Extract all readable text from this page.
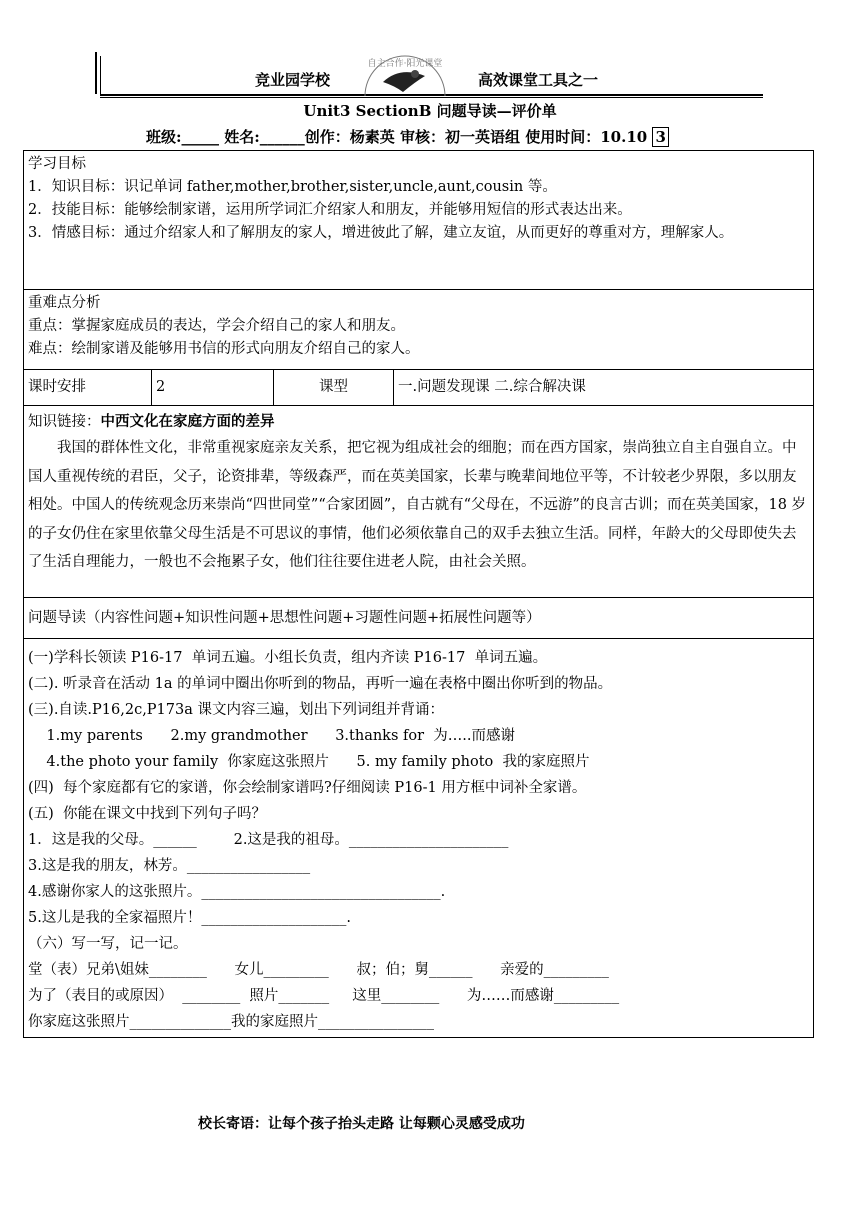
竞业园学校
自主合作·阳光课堂
高效课堂工具之一
Unit3 SectionB 问题导读—评价单
班级:_____ 姓名:______创作：杨素英 审核：初一英语组 使用时间：10.10 3

学习目标

1．知识目标：识记单词 father,mother,brother,sister,uncle,aunt,cousin 等。

2．技能目标：能够绘制家谱，运用所学词汇介绍家人和朋友，并能够用短信的形式表达出来。

3．情感目标：通过介绍家人和了解朋友的家人，增进彼此了解，建立友谊，从而更好的尊重对方，理解家人。

重难点分析

重点：掌握家庭成员的表达，学会介绍自己的家人和朋友。

难点：绘制家谱及能够用书信的形式向朋友介绍自己的家人。

课时安排	2	课型	一.问题发现课 二.综合解决课

知识链接：中西文化在家庭方面的差异

我国的群体性文化，非常重视家庭亲友关系，把它视为组成社会的细胞；而在西方国家，崇尚独立自主自强自立。中国人重视传统的君臣，父子，论资排辈，等级森严，而在英美国家，长辈与晚辈间地位平等，不计较老少界限，多以朋友相处。中国人的传统观念历来崇尚“四世同堂”“合家团圆”，自古就有“父母在，不远游”的良言古训；而在英美国家，18 岁的子女仍住在家里依靠父母生活是不可思议的事情，他们必须依靠自己的双手去独立生活。同样，年龄大的父母即使失去了生活自理能力，一般也不会拖累子女，他们往往要住进老人院，由社会关照。

问题导读（内容性问题+知识性问题+思想性问题+习题性问题+拓展性问题等）

(一)学科长领读 P16-17  单词五遍。小组长负责，组内齐读 P16-17  单词五遍。

(二). 听录音在活动 1a 的单词中圈出你听到的物品，再听一遍在表格中圈出你听到的物品。

(三).自读.P16,2c,P173a 课文内容三遍，划出下列词组并背诵：

1.my parents      2.my grandmother      3.thanks for  为…..而感谢

4.the photo your family  你家庭这张照片      5. my family photo  我的家庭照片

(四)  每个家庭都有它的家谱，你会绘制家谱吗?仔细阅读 P16-1 用方框中词补全家谱。

(五)  你能在课文中找到下列句子吗？

1．这是我的父母。______        2.这是我的祖母。______________________

3.这是我的朋友，林芳。_________________

4.感谢你家人的这张照片。_________________________________.

5.这儿是我的全家福照片！____________________.

（六）写一写，记一记。

堂（表）兄弟\姐妹________      女儿_________      叔；伯；舅______      亲爱的_________

为了（表目的或原因）  ________  照片_______     这里________      为……而感谢_________

你家庭这张照片______________我的家庭照片________________

校长寄语：让每个孩子抬头走路 让每颗心灵感受成功
